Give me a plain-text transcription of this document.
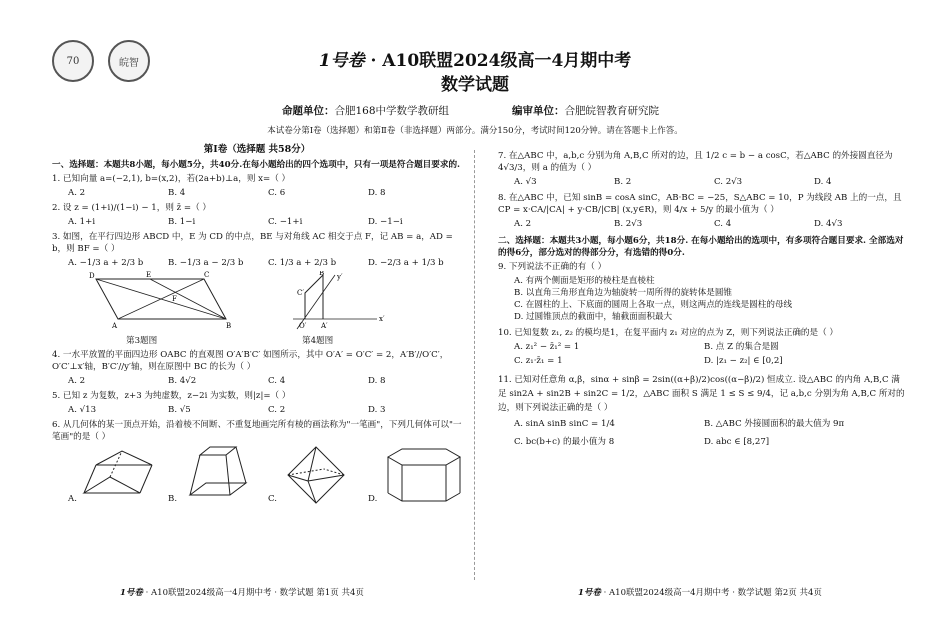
70	皖智	1号卷 · A10联盟2024级高一4月期中考
数学试题
命题单位：合肥168中学数学教研组	编审单位：合肥皖智教育研究院
本试卷分第Ⅰ卷（选择题）和第Ⅱ卷（非选择题）两部分。满分150分，考试时间120分钟。请在答题卡上作答。
第Ⅰ卷（选择题 共58分）
一、选择题：本题共8小题，每小题5分，共40分.在每小题给出的四个选项中，只有一项是符合题目要求的.
1. 已知向量 a=(−2,1), b=(x,2)，若(2a+b)⊥a，则 x=（ ）
A. 2	B. 4	C. 6	D. 8
2. 设 z = (1+i)/(1−i) − 1，则 z̄ =（ ）
A. 1+i	B. 1−i	C. −1+i	D. −1−i
3. 如图，在平行四边形 ABCD 中，E 为 CD 的中点，BE 与对角线 AC 相交于点 F，记 AB = a，AD = b，则 BF =（ ）
A. −1/3 a + 2/3 b	B. −1/3 a − 2/3 b	C. 1/3 a + 2/3 b	D. −2/3 a + 1/3 b
D	E	C
F
A	B
y′
x′
B′
C′
O′ A′
第3题图	第4题图
4. 一水平放置的平面四边形 OABC 的直观图 O′A′B′C′ 如图所示，其中 O′A′ = O′C′ = 2，A′B′//O′C′，O′C′⊥x′轴，B′C′//y′轴，则在原图中 BC 的长为（ ）
A. 2	B. 4√2	C. 4	D. 8
5. 已知 z 为复数，z+3 为纯虚数，z−2i 为实数，则|z|=（ ）
A. √13	B. √5	C. 2	D. 3
6. 从几何体的某一顶点开始，沿着棱不间断、不重复地画完所有棱的画法称为"一笔画"，下列几何体可以"一笔画"的是（ ）
A.	B.	C.	D.
7. 在△ABC 中，a,b,c 分别为角 A,B,C 所对的边，且 1/2 c = b − a cosC，若△ABC 的外接圆直径为 4√3/3，则 a 的值为（ ）
A. √3	B. 2	C. 2√3	D. 4
8. 在△ABC 中，已知 sinB = cosA sinC，AB·BC = −25，S△ABC = 10，P 为线段 AB 上的一点，且 CP = x·CA/|CA| + y·CB/|CB| (x,y∈R)，则 4/x + 5/y 的最小值为（ ）
A. 2	B. 2√3	C. 4	D. 4√3
二、选择题：本题共3小题，每小题6分，共18分. 在每小题给出的选项中，有多项符合题目要求. 全部选对的得6分，部分选对的得部分分，有选错的得0分.
9. 下列说法不正确的有（ ）
A. 有两个侧面是矩形的棱柱是直棱柱
B. 以直角三角形直角边为轴旋转一周所得的旋转体是圆锥
C. 在圆柱的上、下底面的圆周上各取一点，则这两点的连线是圆柱的母线
D. 过圆锥顶点的截面中，轴截面面积最大
10. 已知复数 z₁, z₂ 的模均是1，在复平面内 z₁ 对应的点为 Z，则下列说法正确的是（ ）
A. z₁² − z̄₁² = 1	B. 点 Z 的集合是圆
C. z₁·z̄₁ = 1	D. |z₁ − z₂| ∈ [0,2]
11. 已知对任意角 α,β，sinα + sinβ = 2sin((α+β)/2)cos((α−β)/2) 恒成立. 设△ABC 的内角 A,B,C 满足 sin2A + sin2B + sin2C = 1/2，△ABC 面积 S 满足 1 ≤ S ≤ 9/4，记 a,b,c 分别为角 A,B,C 所对的边，则下列说法正确的是（ ）
A. sinA sinB sinC = 1/4	B. △ABC 外接圆面积的最大值为 9π
C. bc(b+c) 的最小值为 8	D. abc ∈ [8,27]
1号卷 · A10联盟2024级高一4月期中考 · 数学试题 第1页 共4页	1号卷 · A10联盟2024级高一4月期中考 · 数学试题 第2页 共4页
